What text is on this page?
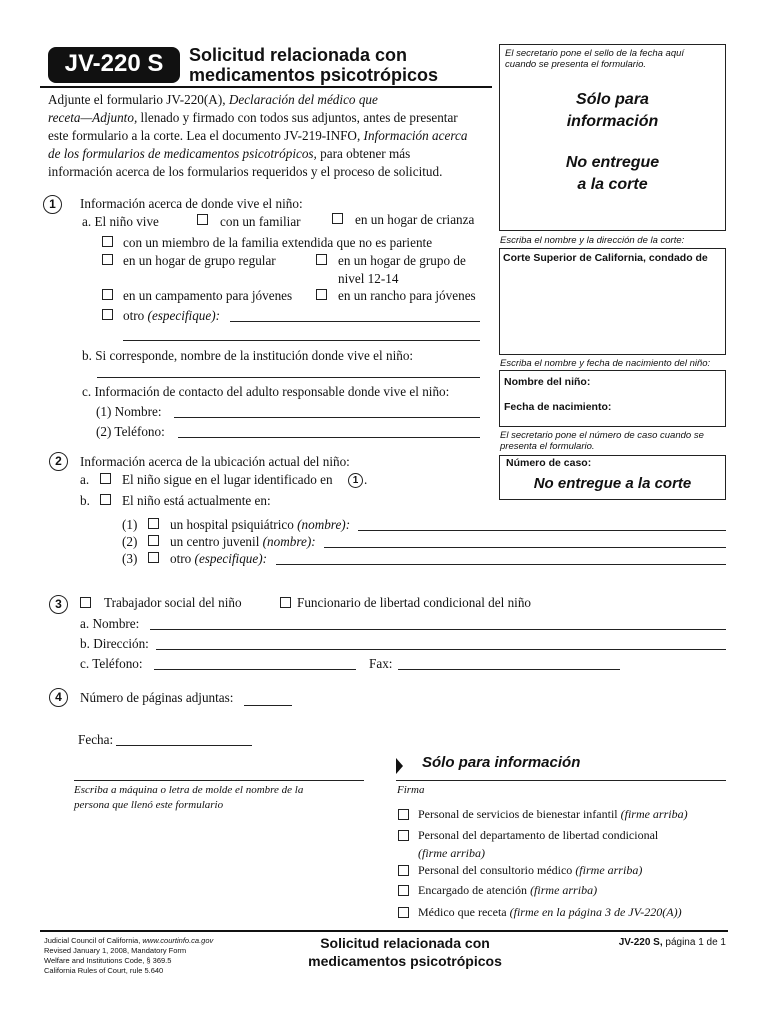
JV-220 S	Solicitud relacionada con
medicamentos psicotrópicos
Adjunte el formulario JV-220(A), Declaración del médico que
receta—Adjunto, llenado y firmado con todos sus adjuntos, antes de presentar
este formulario a la corte. Lea el documento JV-219-INFO, Información acerca
de los formularios de medicamentos psicotrópicos, para obtener más
información acerca de los formularios requeridos y el proceso de solicitud.
El secretario pone el sello de la fecha aquí cuando se presenta el formulario.
Sólo para
información
No entregue
a la corte
Escriba el nombre y la dirección de la corte:
Corte Superior de California, condado de
Escriba el nombre y fecha de nacimiento del niño:
Nombre del niño:
Fecha de nacimiento:
El secretario pone el número de caso cuando se presenta el formulario.
Número de caso:
No entregue a la corte
1	Información acerca de donde vive el niño:
a. El niño vive	con un familiar	en un hogar de crianza
con un miembro de la familia extendida que no es pariente
en un hogar de grupo regular	en un hogar de grupo de
nivel 12-14
en un campamento para jóvenes	en un rancho para jóvenes
otro (especifique):
b. Si corresponde, nombre de la institución donde vive el niño:
c. Información de contacto del adulto responsable donde vive el niño:
(1) Nombre:
(2) Teléfono:
2	Información acerca de la ubicación actual del niño:
a. El niño sigue en el lugar identificado en	1 .
b. El niño está actualmente en:
(1) un hospital psiquiátrico (nombre):
(2) un centro juvenil (nombre):
(3) otro (especifique):
3	Trabajador social del niño	Funcionario de libertad condicional del niño
a. Nombre:
b. Dirección:
c. Teléfono:	Fax:
4	Número de páginas adjuntas:
Fecha:
Escriba a máquina o letra de molde el nombre de la
persona que llenó este formulario
Sólo para información
Firma
Personal de servicios de bienestar infantil (firme arriba)
Personal del departamento de libertad condicional
(firme arriba)
Personal del consultorio médico (firme arriba)
Encargado de atención (firme arriba)
Médico que receta (firme en la página 3 de JV-220(A))
Judicial Council of California, www.courtinfo.ca.gov
Revised January 1, 2008, Mandatory Form
Welfare and Institutions Code, § 369.5
California Rules of Court, rule 5.640
Solicitud relacionada con
medicamentos psicotrópicos
JV-220 S, página 1 de 1
